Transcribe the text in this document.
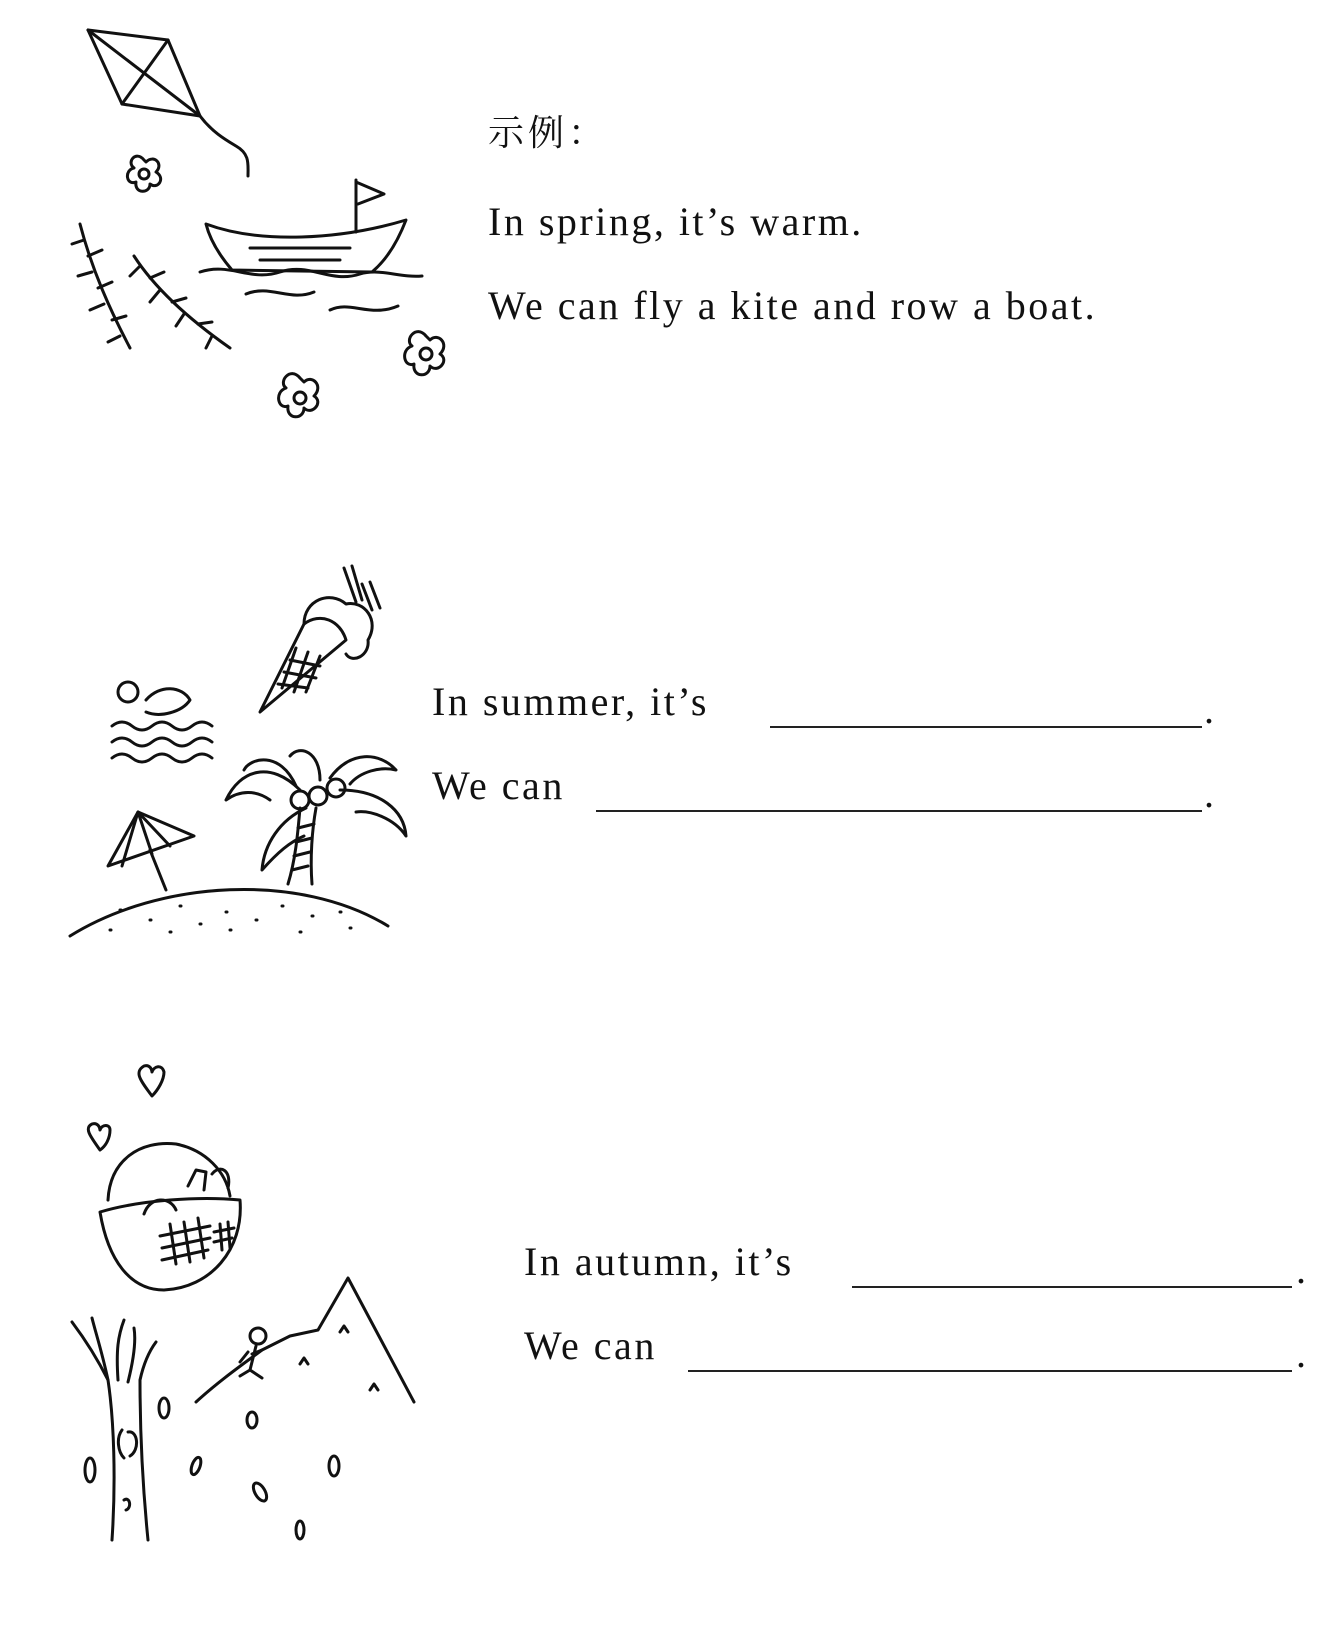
示例：
In spring, it’s warm.
We can fly a kite and row a boat.
In summer, it’s	.
We can	.
In autumn, it’s	.
We can	.
